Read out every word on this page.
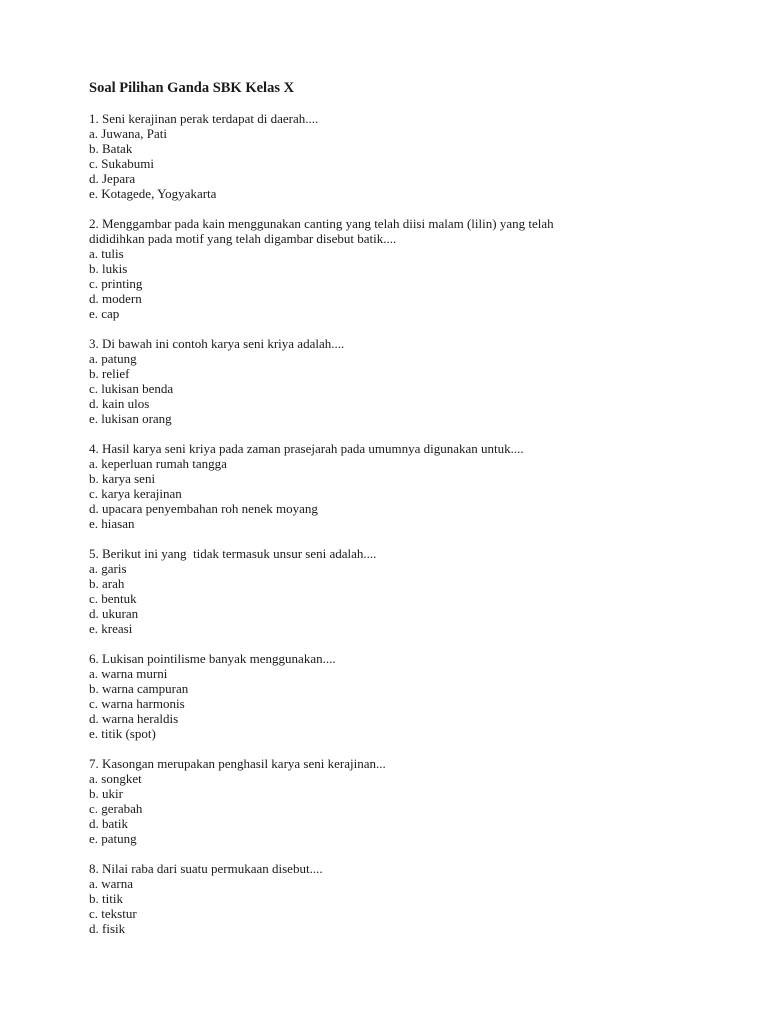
Soal Pilihan Ganda SBK Kelas X

1. Seni kerajinan perak terdapat di daerah....

a. Juwana, Pati
b. Batak
c. Sukabumi
d. Jepara
e. Kotagede, Yogyakarta

2. Menggambar pada kain menggunakan canting yang telah diisi malam (lilin) yang telah
dididihkan pada motif yang telah digambar disebut batik....

a. tulis
b. lukis
c. printing
d. modern
e. cap

3. Di bawah ini contoh karya seni kriya adalah....

a. patung
b. relief
c. lukisan benda
d. kain ulos
e. lukisan orang

4. Hasil karya seni kriya pada zaman prasejarah pada umumnya digunakan untuk....

a. keperluan rumah tangga
b. karya seni
c. karya kerajinan
d. upacara penyembahan roh nenek moyang
e. hiasan

5. Berikut ini yang  tidak termasuk unsur seni adalah....

a. garis
b. arah
c. bentuk
d. ukuran
e. kreasi

6. Lukisan pointilisme banyak menggunakan....

a. warna murni
b. warna campuran
c. warna harmonis
d. warna heraldis
e. titik (spot)

7. Kasongan merupakan penghasil karya seni kerajinan...

a. songket
b. ukir
c. gerabah
d. batik
e. patung

8. Nilai raba dari suatu permukaan disebut....

a. warna
b. titik
c. tekstur
d. fisik
